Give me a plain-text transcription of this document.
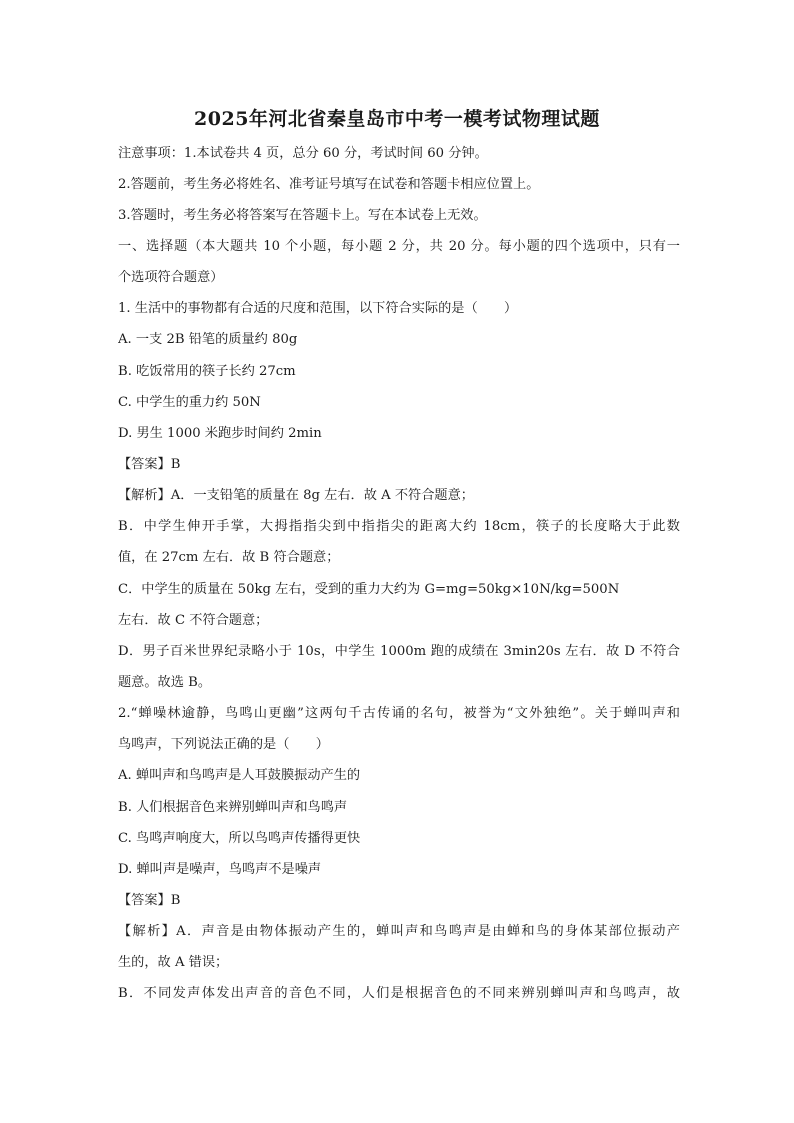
2025年河北省秦皇岛市中考一模考试物理试题
注意事项：1.本试卷共 4 页，总分 60 分，考试时间 60 分钟。
2.答题前，考生务必将姓名、准考证号填写在试卷和答题卡相应位置上。
3.答题时，考生务必将答案写在答题卡上。写在本试卷上无效。
一、选择题（本大题共 10 个小题，每小题 2 分，共 20 分。每小题的四个选项中，只有一
个选项符合题意）
1. 生活中的事物都有合适的尺度和范围，以下符合实际的是（　　）
A. 一支 2B 铅笔的质量约 80g
B. 吃饭常用的筷子长约 27cm
C. 中学生的重力约 50N
D. 男生 1000 米跑步时间约 2min
【答案】B
【解析】A．一支铅笔的质量在 8g 左右．故 A 不符合题意；
B．中学生伸开手掌，大拇指指尖到中指指尖的距离大约 18cm，筷子的长度略大于此数
值，在 27cm 左右．故 B 符合题意；
C．中学生的质量在 50kg 左右，受到的重力大约为 G=mg=50kg×10N/kg=500N
左右．故 C 不符合题意；
D．男子百米世界纪录略小于 10s，中学生 1000m 跑的成绩在 3min20s 左右．故 D 不符合
题意。故选 B。
2.“蝉噪林逾静，鸟鸣山更幽”这两句千古传诵的名句，被誉为“文外独绝”。关于蝉叫声和
鸟鸣声，下列说法正确的是（　　）
A. 蝉叫声和鸟鸣声是人耳鼓膜振动产生的
B. 人们根据音色来辨别蝉叫声和鸟鸣声
C. 鸟鸣声响度大，所以鸟鸣声传播得更快
D. 蝉叫声是噪声，鸟鸣声不是噪声
【答案】B
【解析】A．声音是由物体振动产生的，蝉叫声和鸟鸣声是由蝉和鸟的身体某部位振动产
生的，故 A 错误；
B．不同发声体发出声音的音色不同，人们是根据音色的不同来辨别蝉叫声和鸟鸣声，故
